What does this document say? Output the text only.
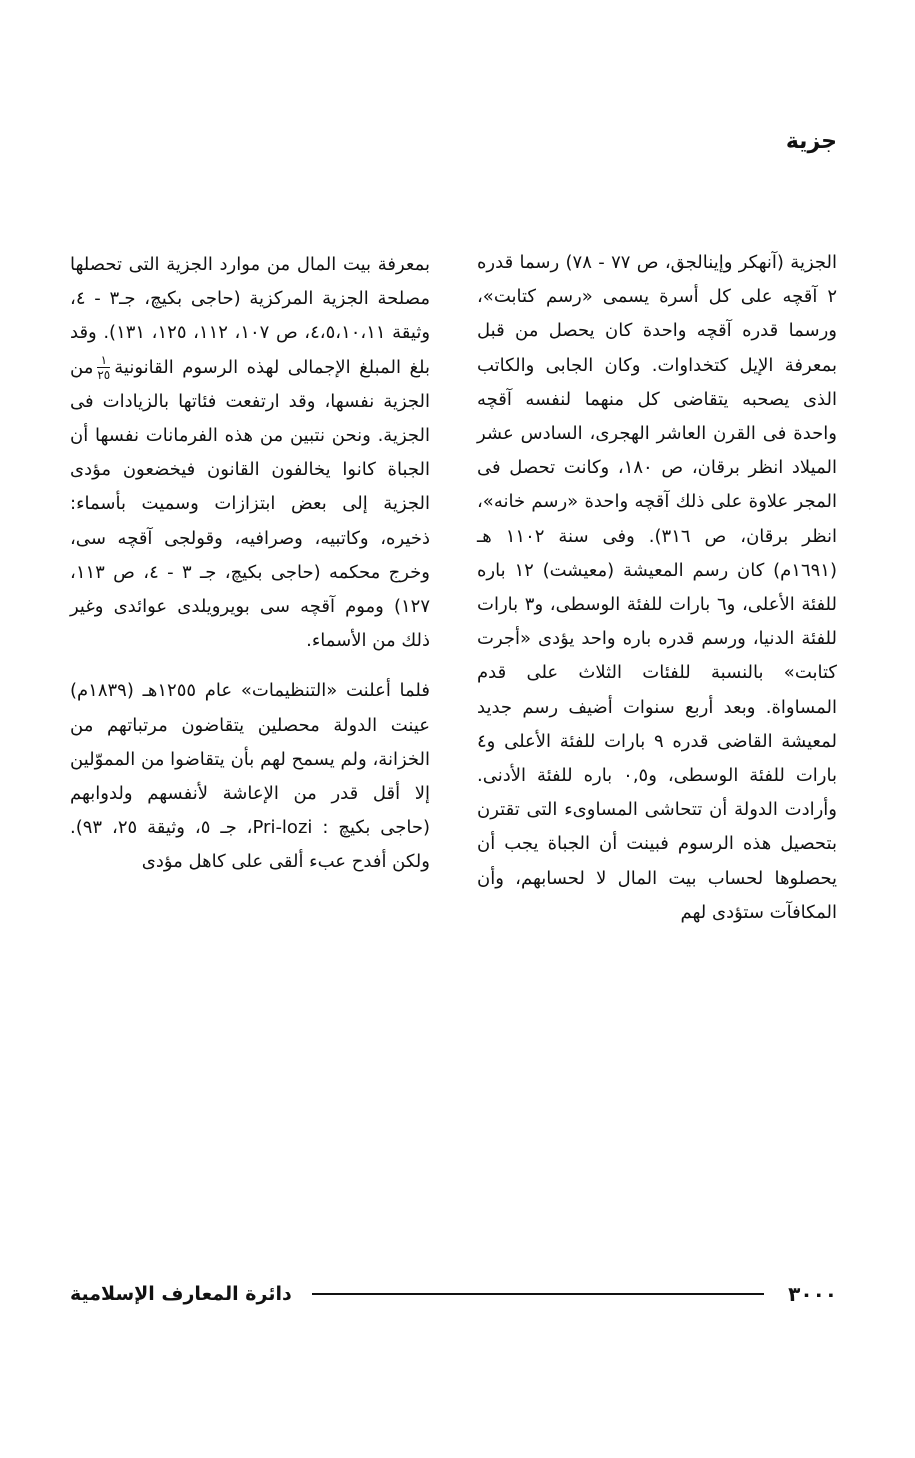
جزية

الجزية (آنهكر وإينالجق، ص ٧٧ - ٧٨) رسما قدره ٢ آقچه على كل أسرة يسمى «رسم كتابت»، ورسما قدره آقچه واحدة كان يحصل من قبل بمعرفة الإيل كتخداوات. وكان الجابى والكاتب الذى يصحبه يتقاضى كل منهما لنفسه آقچه واحدة فى القرن العاشر الهجرى، السادس عشر الميلاد انظر برقان، ص ١٨٠، وكانت تحصل فى المجر علاوة على ذلك آقچه واحدة «رسم خانه»، انظر برقان، ص ٣١٦). وفى سنة ١١٠٢ هـ (١٦٩١م) كان رسم المعيشة (معيشت) ١٢ باره للفئة الأعلى، و٦ بارات للفئة الوسطى، و٣ بارات للفئة الدنيا، ورسم قدره باره واحد يؤدى «أجرت كتابت» بالنسبة للفئات الثلاث على قدم المساواة. وبعد أربع سنوات أضيف رسم جديد لمعيشة القاضى قدره ٩ بارات للفئة الأعلى و٤ بارات للفئة الوسطى، و٠,٥ باره للفئة الأدنى. وأرادت الدولة أن تتحاشى المساوىء التى تقترن بتحصيل هذه الرسوم فبينت أن الجباة يجب أن يحصلوها لحساب بيت المال لا لحسابهم، وأن المكافآت ستؤدى لهم

بمعرفة بيت المال من موارد الجزية التى تحصلها مصلحة الجزية المركزية (حاجى بكيچ، جـ٣ - ٤، وثيقة ٤،٥،١٠،١١، ص ١٠٧، ١١٢، ١٢٥، ١٣١). وقد بلغ المبلغ الإجمالى لهذه الرسوم القانونية
$\frac{١}{٢٥}$
من الجزية نفسها، وقد ارتفعت فئاتها بالزيادات فى الجزية. ونحن نتبين من هذه الفرمانات نفسها أن الجباة كانوا يخالفون القانون فيخضعون مؤدى الجزية إلى بعض ابتزازات وسميت بأسماء: ذخيره، وكاتبيه، وصرافيه، وقولجى آقچه سى، وخرج محكمه (حاجى بكيچ، جـ ٣ - ٤، ص ١١٣، ١٢٧) وموم آقچه سى بويرويلدى عوائدى وغير ذلك من الأسماء.

فلما أعلنت «التنظيمات» عام ١٢٥٥هـ (١٨٣٩م) عينت الدولة محصلين يتقاضون مرتباتهم من الخزانة، ولم يسمح لهم بأن يتقاضوا من المموّلين إلا أقل قدر من الإعاشة لأنفسهم ولدوابهم (حاجى بكيچ : Pri-lozi، جـ ٥، وثيقة ٢٥، ٩٣). ولكن أفدح عبء ألقى على كاهل مؤدى

٣٠٠٠
دائرة المعارف الإسلامية
